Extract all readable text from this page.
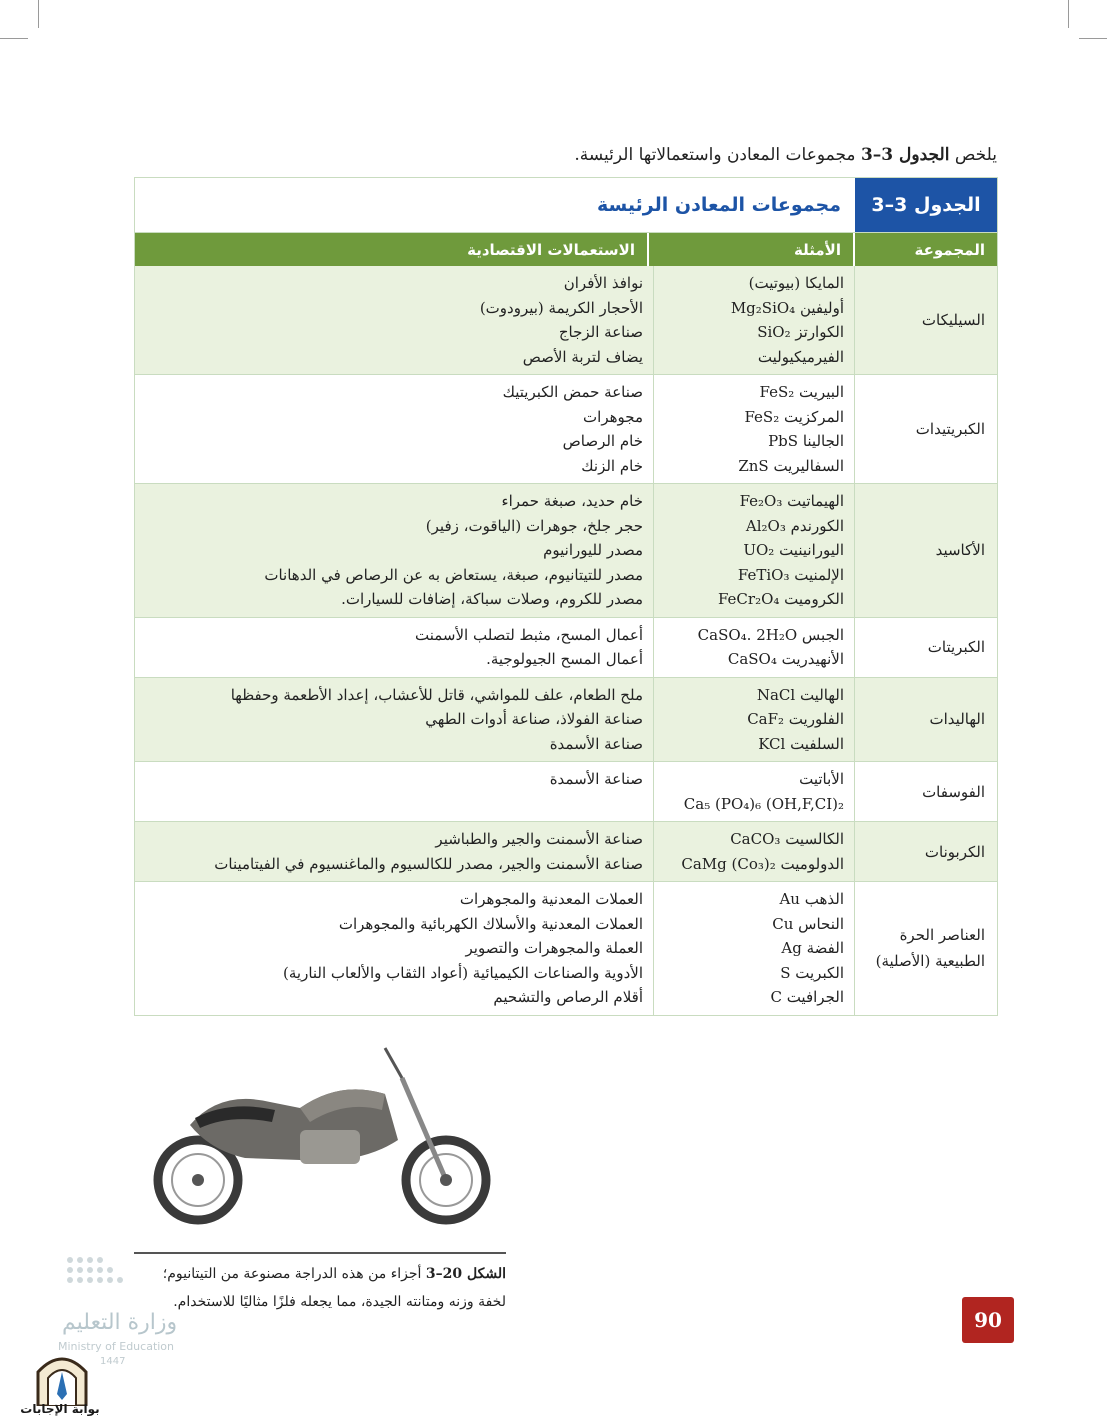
يلخص الجدول 3–3 مجموعات المعادن واستعمالاتها الرئيسة.
الجدول 3–3
مجموعات المعادن الرئيسة
المجموعة
الأمثلة
الاستعمالات الاقتصادية
السيليكات
المايكا (بيوتيت)
أوليفين Mg₂SiO₄
الكوارتز SiO₂
الفيرميكيوليت
نوافذ الأفران
الأحجار الكريمة (بيرودوت)
صناعة الزجاج
يضاف لتربة الأصص
الكبريتيدات
البيريت FeS₂
المركزيت FeS₂
الجالينا PbS
السفاليريت ZnS
صناعة حمض الكبريتيك
مجوهرات
خام الرصاص
خام الزنك
الأكاسيد
الهيماتيت Fe₂O₃
الكورندم Al₂O₃
اليورانينيت UO₂
الإلمنيت FeTiO₃
الكروميت FeCr₂O₄
خام حديد، صبغة حمراء
حجر جلخ، جوهرات (الياقوت، زفير)
مصدر لليورانيوم
مصدر للتيتانيوم، صبغة، يستعاض به عن الرصاص في الدهانات
مصدر للكروم، وصلات سباكة، إضافات للسيارات.
الكبريتات
الجبس CaSO₄. 2H₂O
الأنهيدريت CaSO₄
أعمال المسح، مثبط لتصلب الأسمنت
أعمال المسح الجيولوجية.
الهاليدات
الهاليت NaCl
الفلوريت CaF₂
السلفيت KCl
ملح الطعام، علف للمواشي، قاتل للأعشاب، إعداد الأطعمة وحفظها
صناعة الفولاذ، صناعة أدوات الطهي
صناعة الأسمدة
الفوسفات
الأباتيت
Ca₅ (PO₄)₆ (OH,F,CI)₂
صناعة الأسمدة
الكربونات
الكالسيت CaCO₃
الدولوميت CaMg (Co₃)₂
صناعة الأسمنت والجير والطباشير
صناعة الأسمنت والجير، مصدر للكالسيوم والماغنسيوم في الفيتامينات
العناصر الحرة الطبيعية (الأصلية)
الذهب Au
النحاس Cu
الفضة Ag
الكبريت S
الجرافيت C
العملات المعدنية والمجوهرات
العملات المعدنية والأسلاك الكهربائية والمجوهرات
العملة والمجوهرات والتصوير
الأدوية والصناعات الكيميائية (أعواد الثقاب والألعاب النارية)
أقلام الرصاص والتشحيم
الشكل 20–3 أجزاء من هذه الدراجة مصنوعة من التيتانيوم؛ لخفة وزنه ومتانته الجيدة، مما يجعله فلزًا مثاليًا للاستخدام.
90
وزارة التعليم
Ministry of Education
1447
بوابة الإجابات
